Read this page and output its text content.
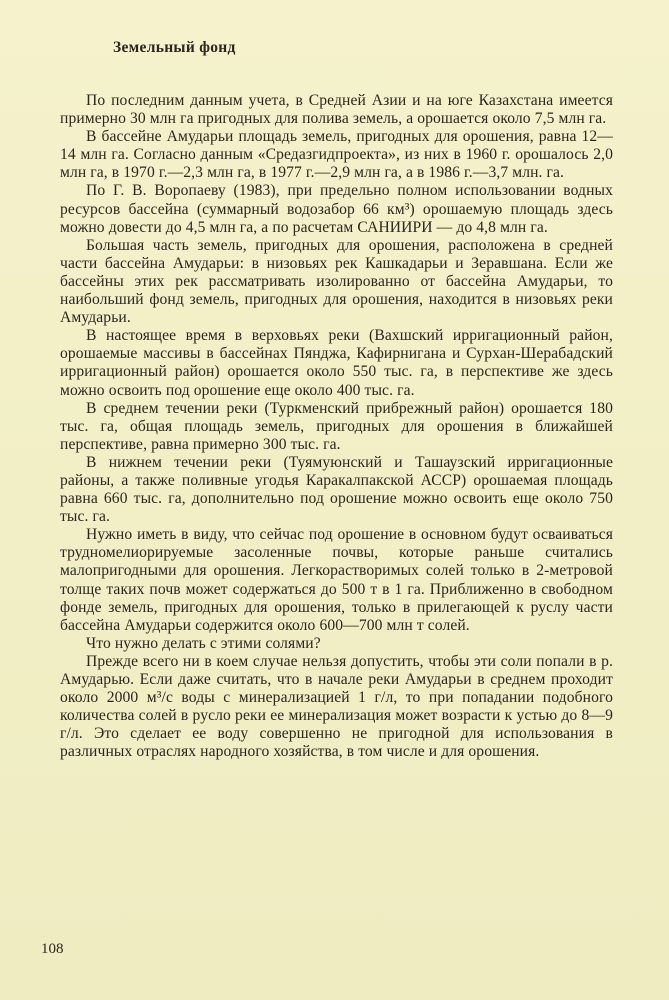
Земельный фонд

По последним данным учета, в Средней Азии и на юге Казахстана имеется примерно 30 млн га пригодных для полива земель, а орошается около 7,5 млн га.

В бассейне Амударьи площадь земель, пригодных для орошения, равна 12—14 млн га. Согласно данным «Средазгидпроекта», из них в 1960 г. орошалось 2,0 млн га, в 1970 г.—2,3 млн га, в 1977 г.—2,9 млн га, а в 1986 г.—3,7 млн. га.

По Г. В. Воропаеву (1983), при предельно полном использовании водных ресурсов бассейна (суммарный водозабор 66 км³) орошаемую площадь здесь можно довести до 4,5 млн га, а по расчетам САНИИРИ — до 4,8 млн га.

Большая часть земель, пригодных для орошения, расположена в средней части бассейна Амударьи: в низовьях рек Кашкадарьи и Зеравшана. Если же бассейны этих рек рассматривать изолированно от бассейна Амударьи, то наибольший фонд земель, пригодных для орошения, находится в низовьях реки Амударьи.

В настоящее время в верховьях реки (Вахшский ирригационный район, орошаемые массивы в бассейнах Пянджа, Кафирнигана и Сурхан-Шерабадский ирригационный район) орошается около 550 тыс. га, в перспективе же здесь можно освоить под орошение еще около 400 тыс. га.

В среднем течении реки (Туркменский прибрежный район) орошается 180 тыс. га, общая площадь земель, пригодных для орошения в ближайшей перспективе, равна примерно 300 тыс. га.

В нижнем течении реки (Туямуюнский и Ташаузский ирригационные районы, а также поливные угодья Каракалпакской АССР) орошаемая площадь равна 660 тыс. га, дополнительно под орошение можно освоить еще около 750 тыс. га.

Нужно иметь в виду, что сейчас под орошение в основном будут осваиваться трудномелиорируемые засоленные почвы, которые раньше считались малопригодными для орошения. Легкорастворимых солей только в 2-метровой толще таких почв может содержаться до 500 т в 1 га. Приближенно в свободном фонде земель, пригодных для орошения, только в прилегающей к руслу части бассейна Амударьи содержится около 600—700 млн т солей.

Что нужно делать с этими солями?

Прежде всего ни в коем случае нельзя допустить, чтобы эти соли попали в р. Амударью. Если даже считать, что в начале реки Амударьи в среднем проходит около 2000 м³/с воды с минерализацией 1 г/л, то при попадании подобного количества солей в русло реки ее минерализация может возрасти к устью до 8—9 г/л. Это сделает ее воду совершенно не пригодной для использования в различных отраслях народного хозяйства, в том числе и для орошения.

108
